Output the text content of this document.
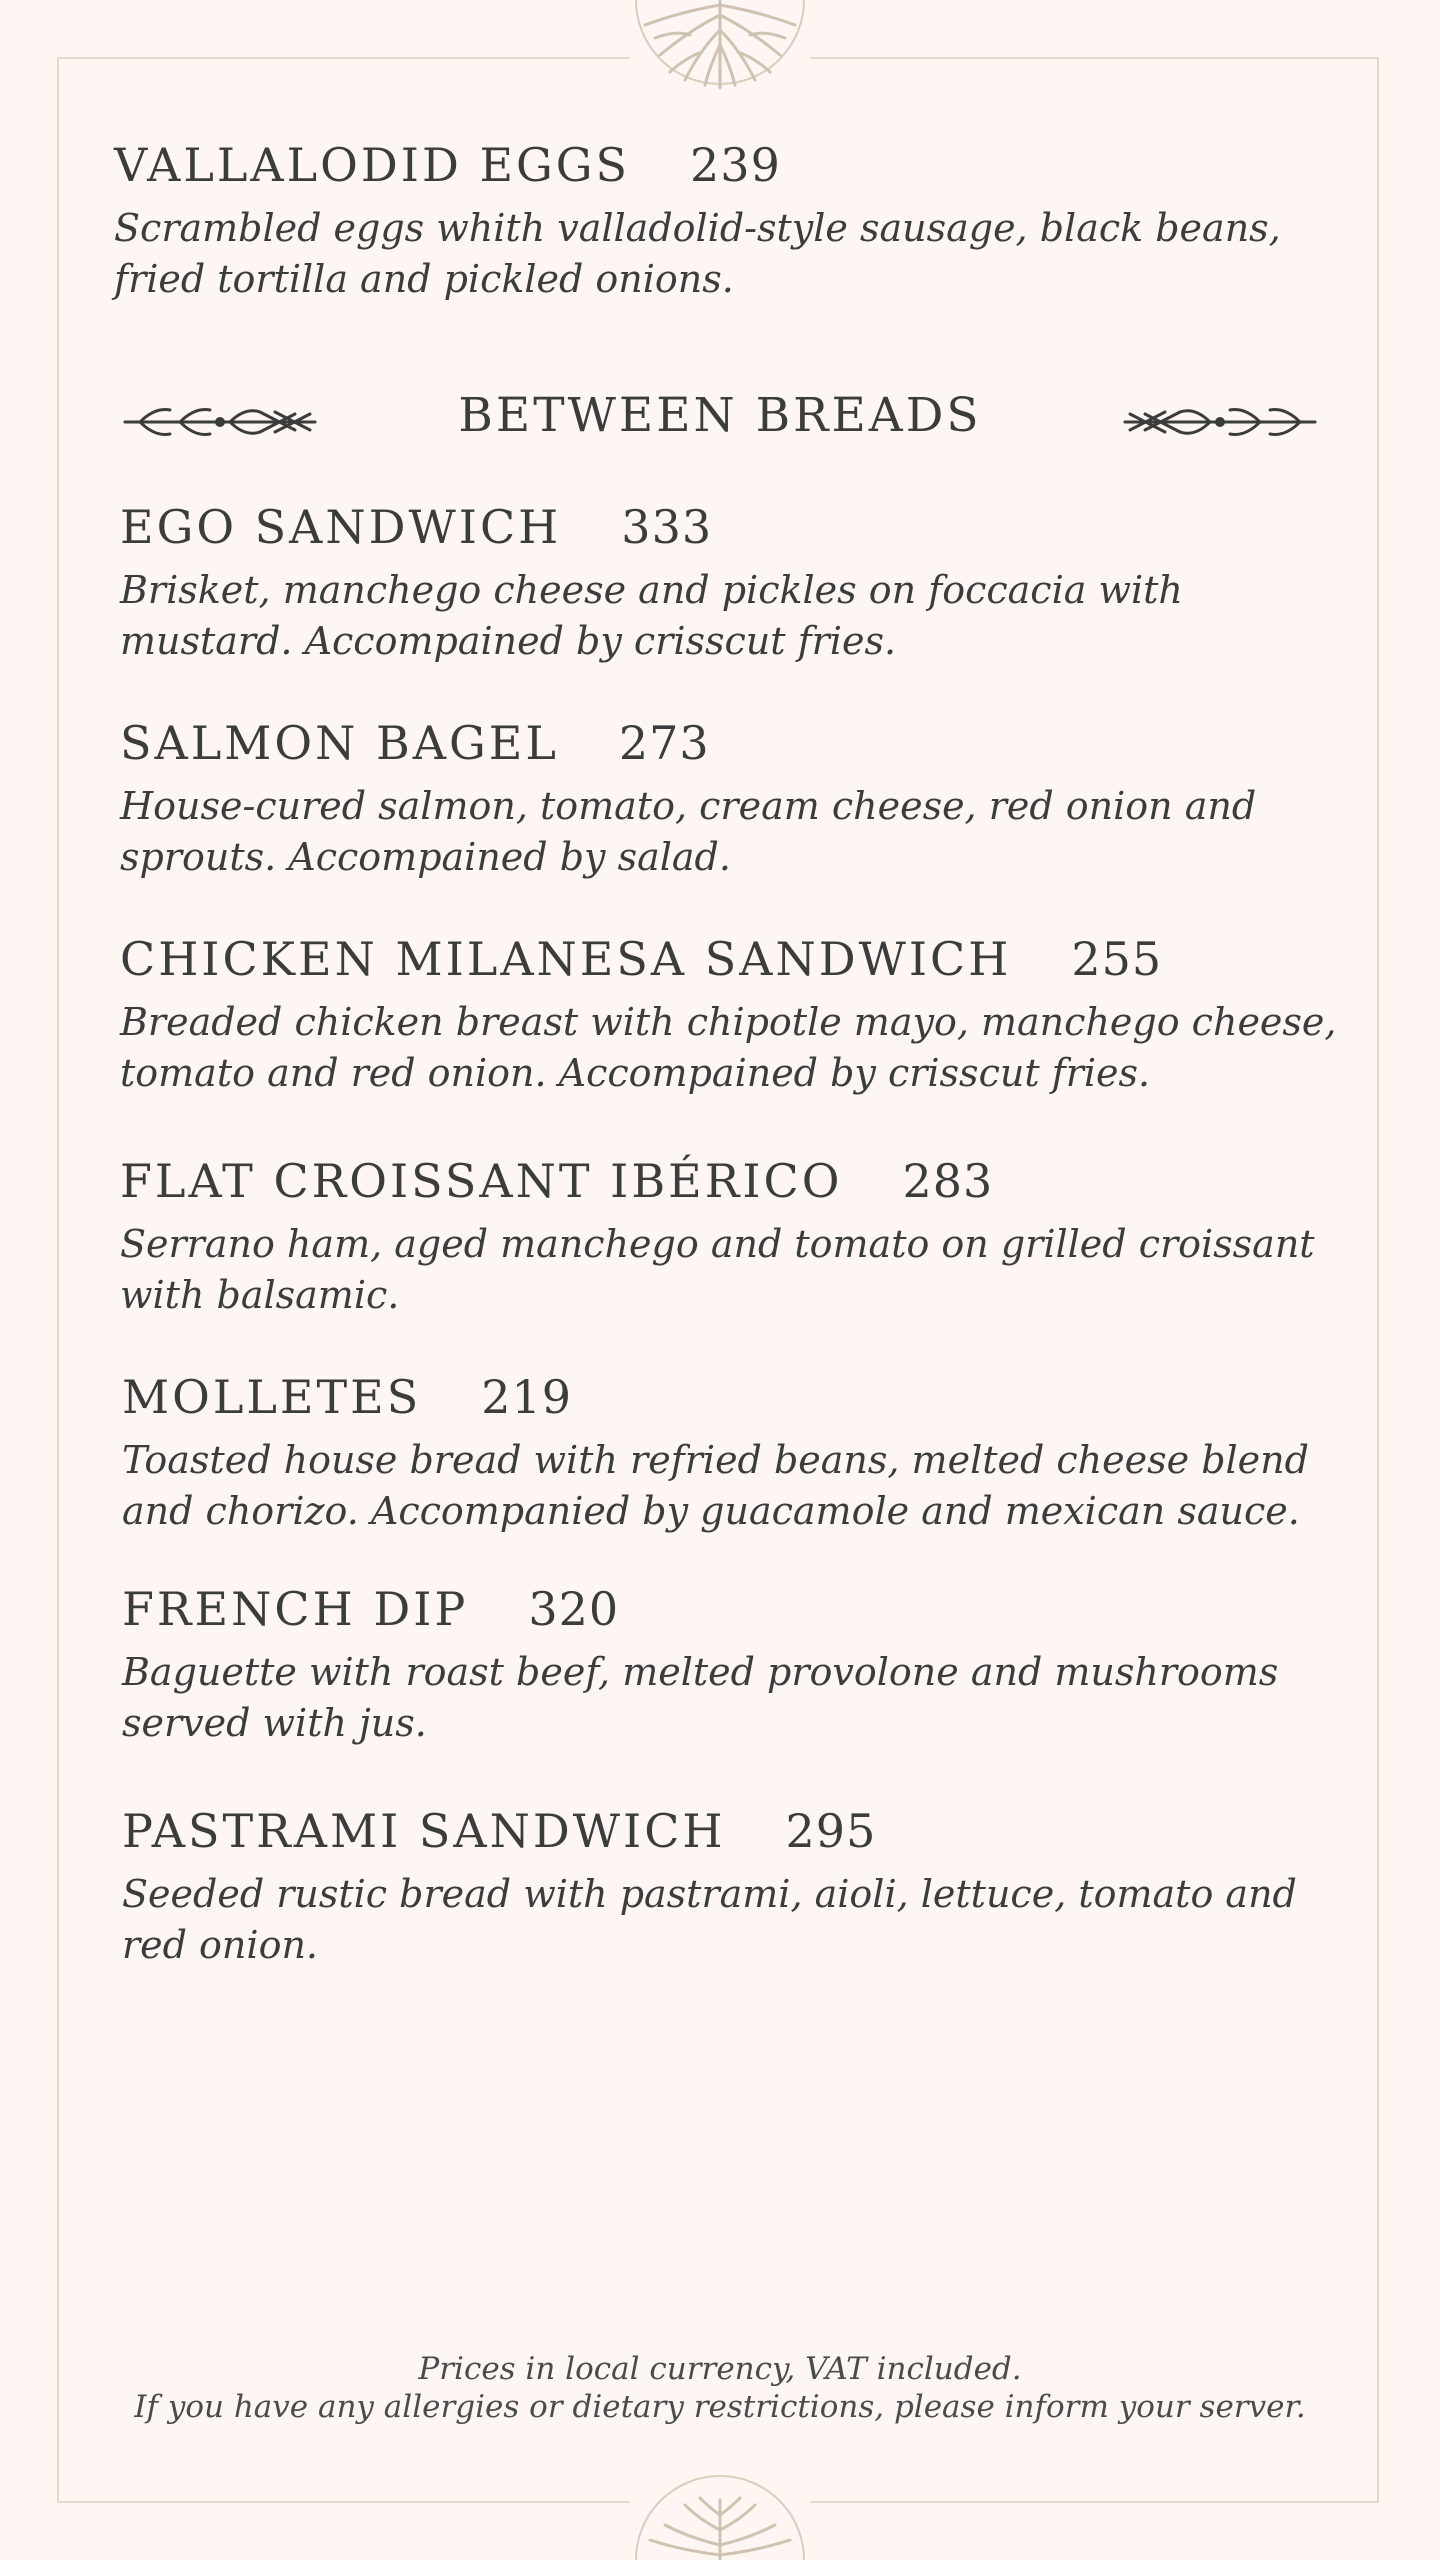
VALLALODID EGGS 239
Scrambled eggs whith valladolid-style sausage, black beans, fried tortilla and pickled onions.
BETWEEN BREADS
EGO SANDWICH 333
Brisket, manchego cheese and pickles on foccacia with mustard. Accompained by crisscut fries.
SALMON BAGEL 273
House-cured salmon, tomato, cream cheese, red onion and sprouts. Accompained by salad.
CHICKEN MILANESA SANDWICH 255
Breaded chicken breast with chipotle mayo, manchego cheese, tomato and red onion. Accompained by crisscut fries.
FLAT CROISSANT IBÉRICO 283
Serrano ham, aged manchego and tomato on grilled croissant with balsamic.
MOLLETES 219
Toasted house bread with refried beans, melted cheese blend and chorizo. Accompanied by guacamole and mexican sauce.
FRENCH DIP 320
Baguette with roast beef, melted provolone and mushrooms served with jus.
PASTRAMI SANDWICH 295
Seeded rustic bread with pastrami, aioli, lettuce, tomato and red onion.
Prices in local currency, VAT included.
If you have any allergies or dietary restrictions, please inform your server.
